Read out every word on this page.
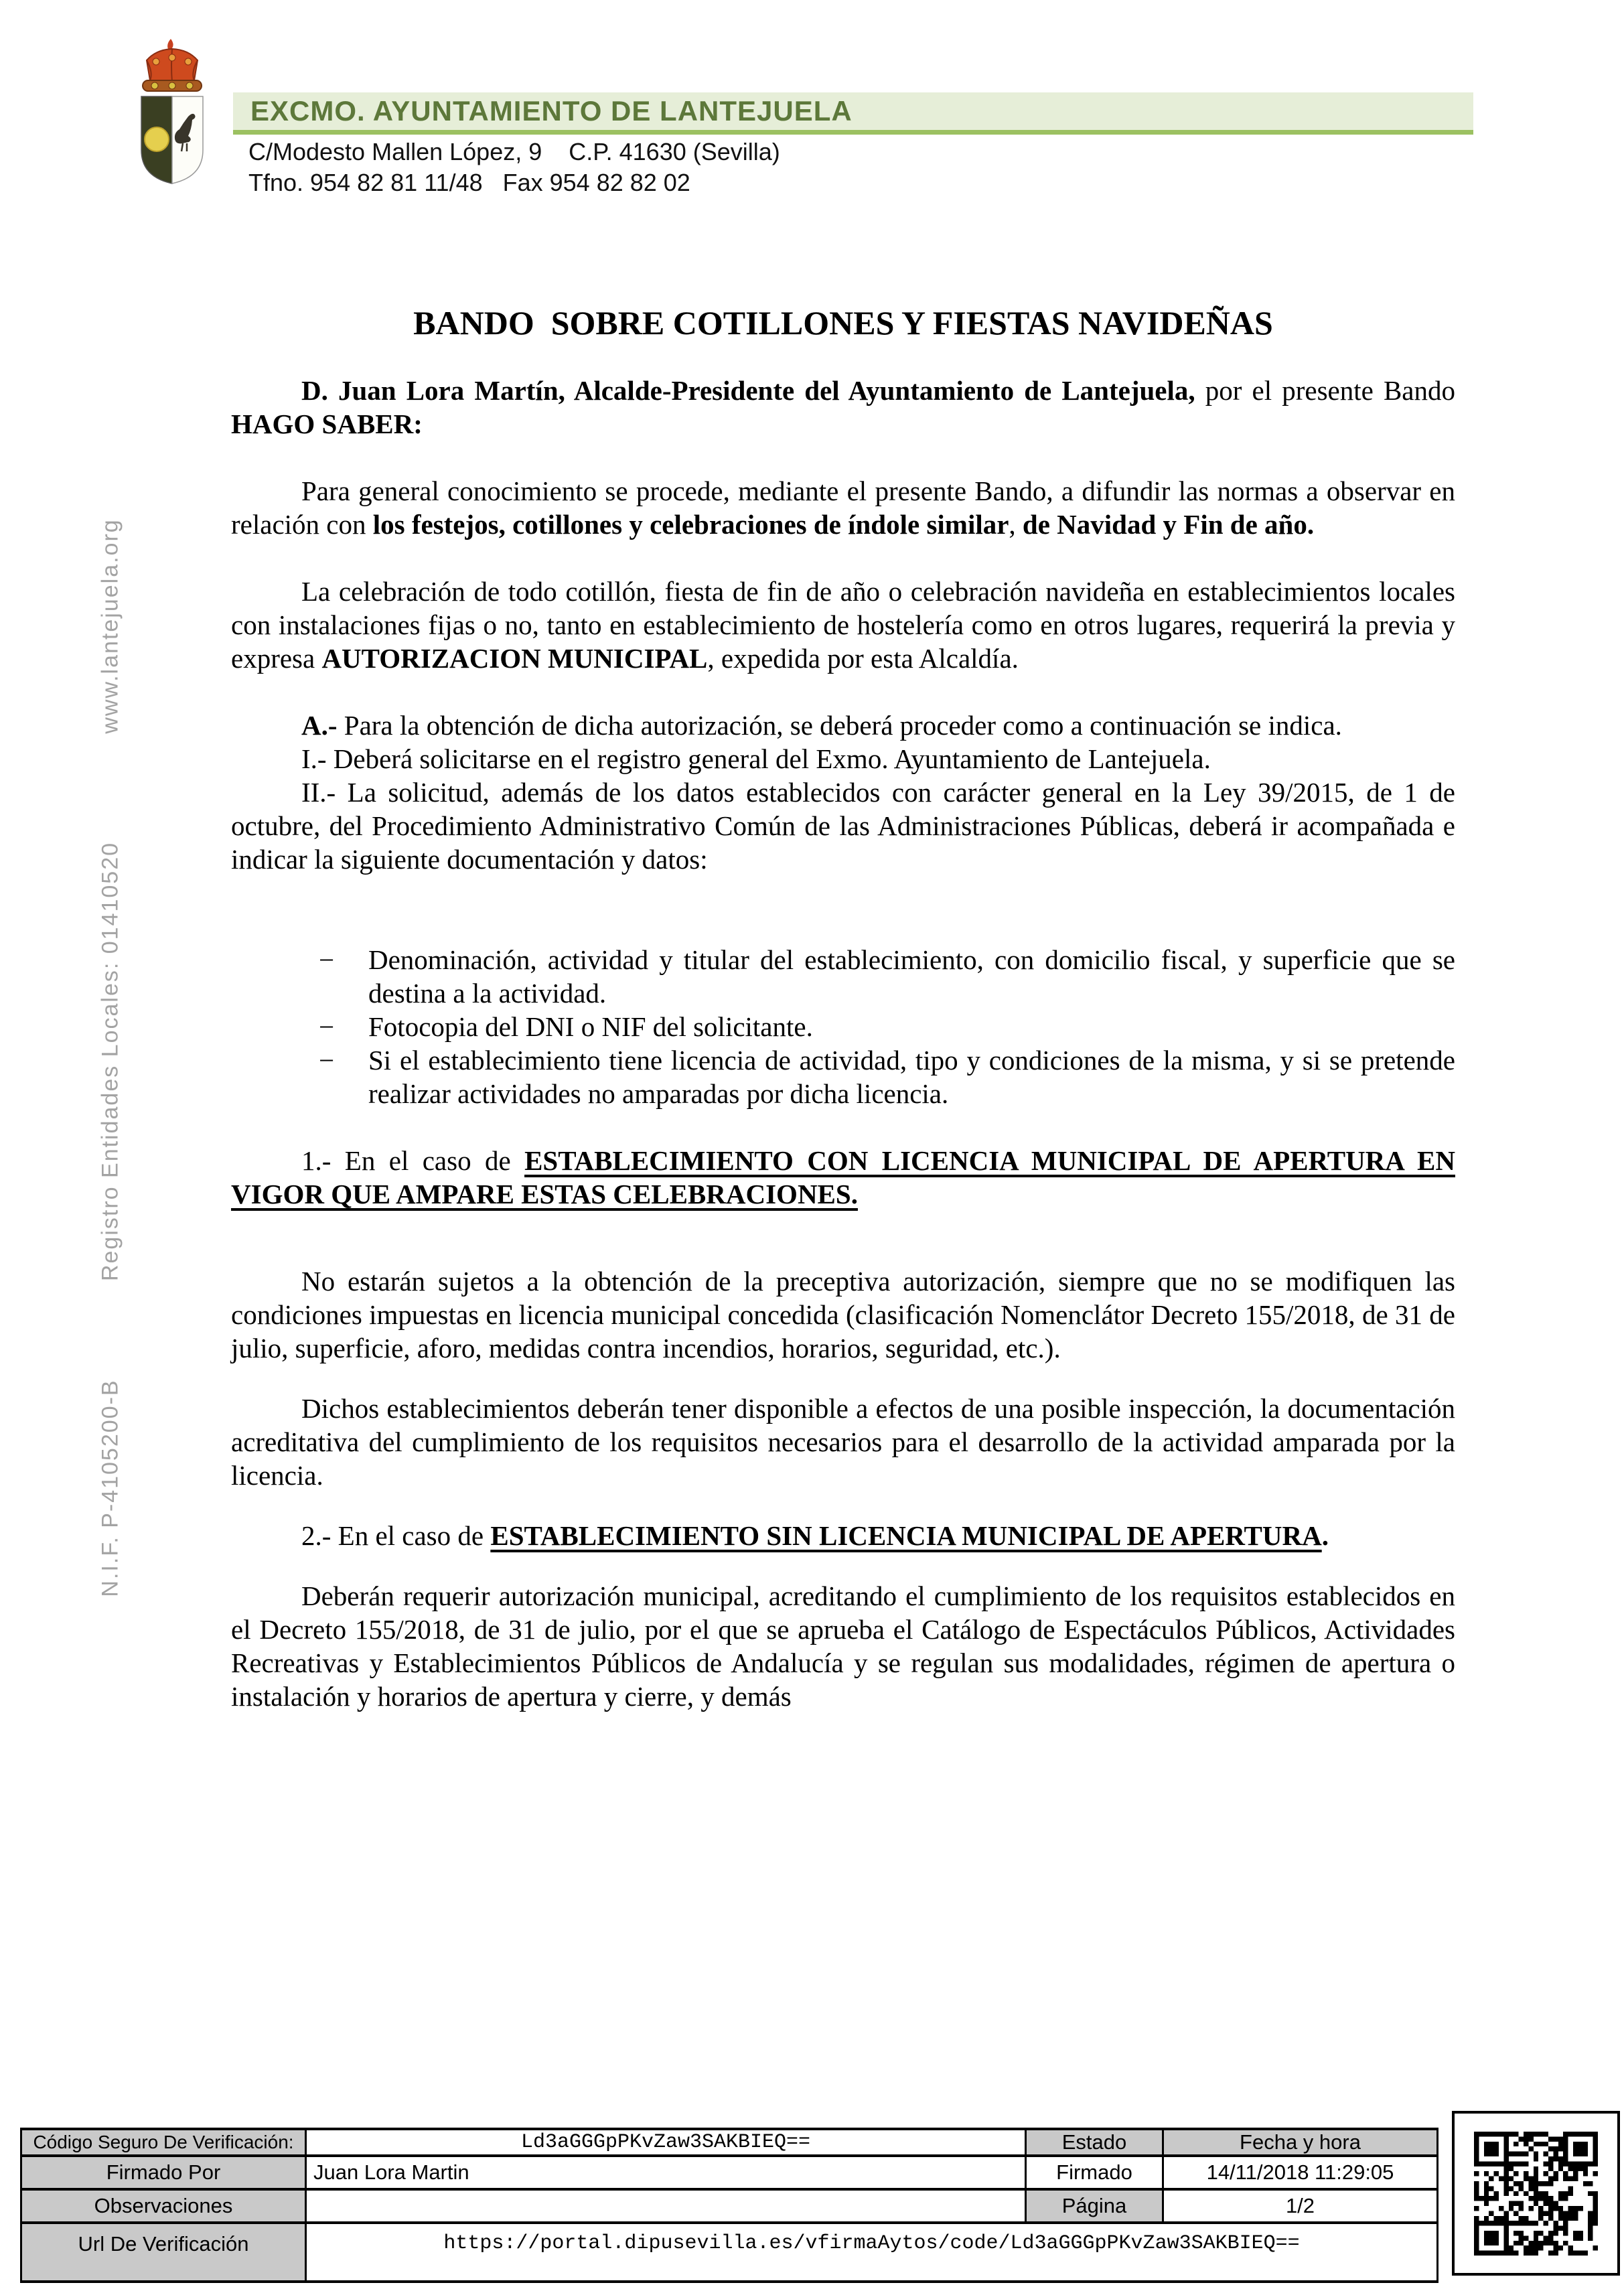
www.lantejuela.org
Registro Entidades Locales: 01410520
N.I.F. P-4105200-B
EXCMO. AYUNTAMIENTO DE LANTEJUELA
C/Modesto Mallen López, 9    C.P. 41630 (Sevilla)
Tfno. 954 82 81 11/48   Fax 954 82 82 02
BANDO  SOBRE COTILLONES Y FIESTAS NAVIDEÑAS

D. Juan Lora Martín, Alcalde-Presidente del Ayuntamiento de Lantejuela, por el presente Bando HAGO SABER:

Para general conocimiento se procede, mediante el presente Bando, a difundir las normas a observar en relación con los festejos, cotillones y celebraciones de índole similar, de Navidad y Fin de año.

La celebración de todo cotillón, fiesta de fin de año o celebración navideña en establecimientos locales con instalaciones fijas o no, tanto en establecimiento de hostelería como en otros lugares, requerirá la previa y expresa AUTORIZACION MUNICIPAL, expedida por esta Alcaldía.

A.- Para la obtención de dicha autorización, se deberá proceder como a continuación se indica.

I.- Deberá solicitarse en el registro general del Exmo. Ayuntamiento de Lantejuela.

II.- La solicitud, además de los datos establecidos con carácter general en la Ley 39/2015, de 1 de octubre, del Procedimiento Administrativo Común de las Administraciones Públicas, deberá ir acompañada e indicar la siguiente documentación y datos:

− Denominación, actividad y titular del establecimiento, con domicilio fiscal, y superficie que se destina a la actividad.
− Fotocopia del DNI o NIF del solicitante.
− Si el establecimiento tiene licencia de actividad, tipo y condiciones de la misma, y si se pretende realizar actividades no amparadas por dicha licencia.

1.- En el caso de ESTABLECIMIENTO CON LICENCIA MUNICIPAL DE APERTURA EN VIGOR QUE AMPARE ESTAS CELEBRACIONES.

No estarán sujetos a la obtención de la preceptiva autorización, siempre que no se modifiquen las condiciones impuestas en licencia municipal concedida (clasificación Nomenclátor Decreto 155/2018, de 31 de julio, superficie, aforo, medidas contra incendios, horarios, seguridad, etc.).

Dichos establecimientos deberán tener disponible a efectos de una posible inspección, la documentación acreditativa del cumplimiento de los requisitos necesarios para el desarrollo de la actividad amparada por la licencia.

2.- En el caso de ESTABLECIMIENTO SIN LICENCIA MUNICIPAL DE APERTURA.

Deberán requerir autorización municipal, acreditando el cumplimiento de los requisitos establecidos en el Decreto 155/2018, de 31 de julio, por el que se aprueba el Catálogo de Espectáculos Públicos, Actividades Recreativas y Establecimientos Públicos de Andalucía y se regulan sus modalidades, régimen de apertura o instalación y horarios de apertura y cierre, y demás

Código Seguro De Verificación:	Ld3aGGGpPKvZaw3SAKBIEQ==	Estado	Fecha y hora
Firmado Por	Juan Lora Martin	Firmado	14/11/2018 11:29:05
Observaciones		Página	1/2
Url De Verificación	https://portal.dipusevilla.es/vfirmaAytos/code/Ld3aGGGpPKvZaw3SAKBIEQ==		
